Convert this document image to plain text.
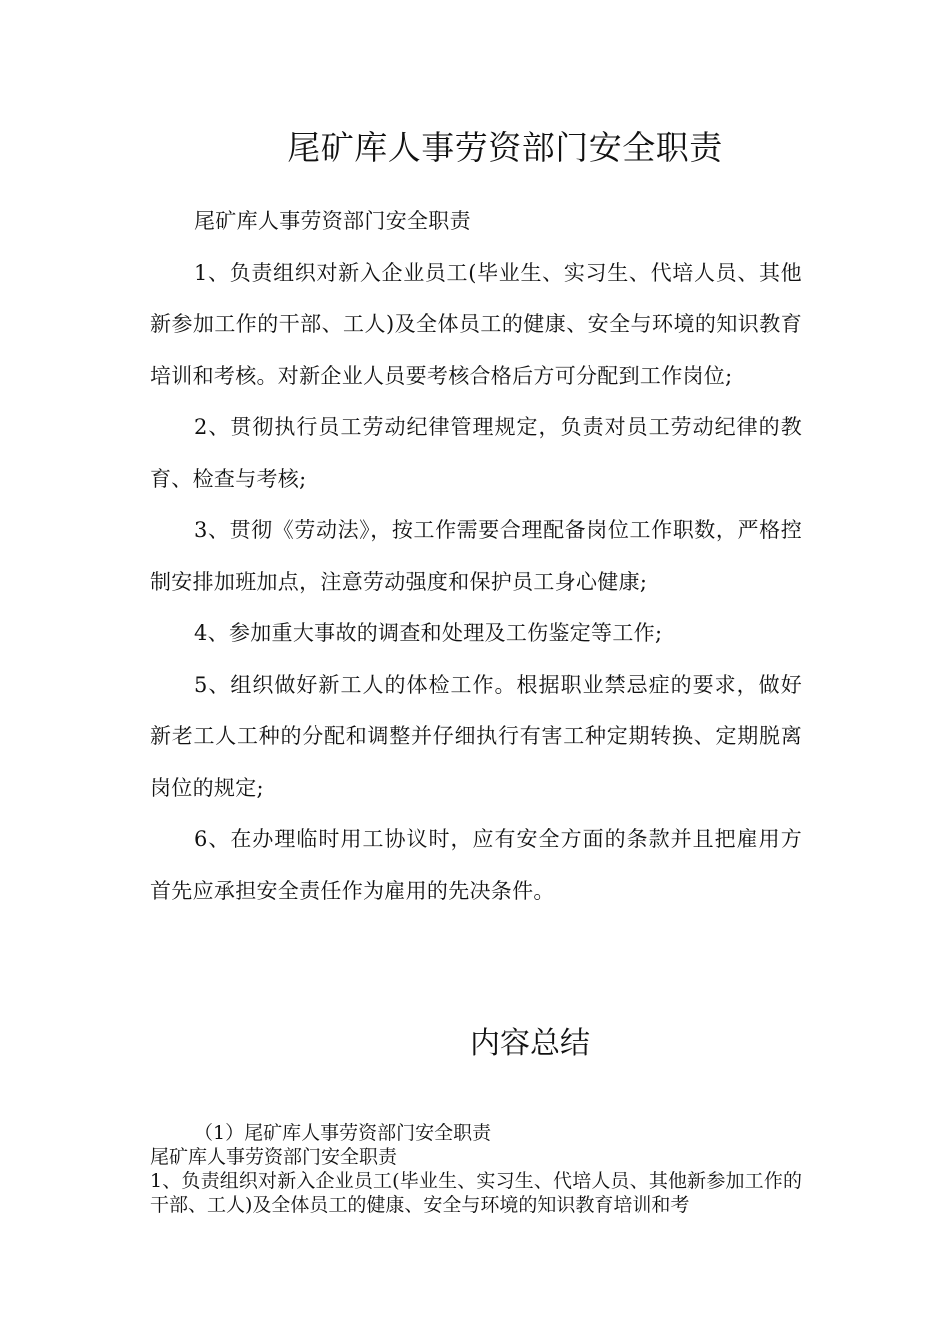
尾矿库人事劳资部门安全职责

尾矿库人事劳资部门安全职责

1、负责组织对新入企业员工(毕业生、实习生、代培人员、其他新参加工作的干部、工人)及全体员工的健康、安全与环境的知识教育培训和考核。对新企业人员要考核合格后方可分配到工作岗位;

2、贯彻执行员工劳动纪律管理规定，负责对员工劳动纪律的教育、检查与考核;

3、贯彻《劳动法》，按工作需要合理配备岗位工作职数，严格控制安排加班加点，注意劳动强度和保护员工身心健康;

4、参加重大事故的调查和处理及工伤鉴定等工作;

5、组织做好新工人的体检工作。根据职业禁忌症的要求，做好新老工人工种的分配和调整并仔细执行有害工种定期转换、定期脱离岗位的规定;

6、在办理临时用工协议时，应有安全方面的条款并且把雇用方首先应承担安全责任作为雇用的先决条件。

内容总结

（1）尾矿库人事劳资部门安全职责

尾矿库人事劳资部门安全职责

1、负责组织对新入企业员工(毕业生、实习生、代培人员、其他新参加工作的干部、工人)及全体员工的健康、安全与环境的知识教育培训和考
